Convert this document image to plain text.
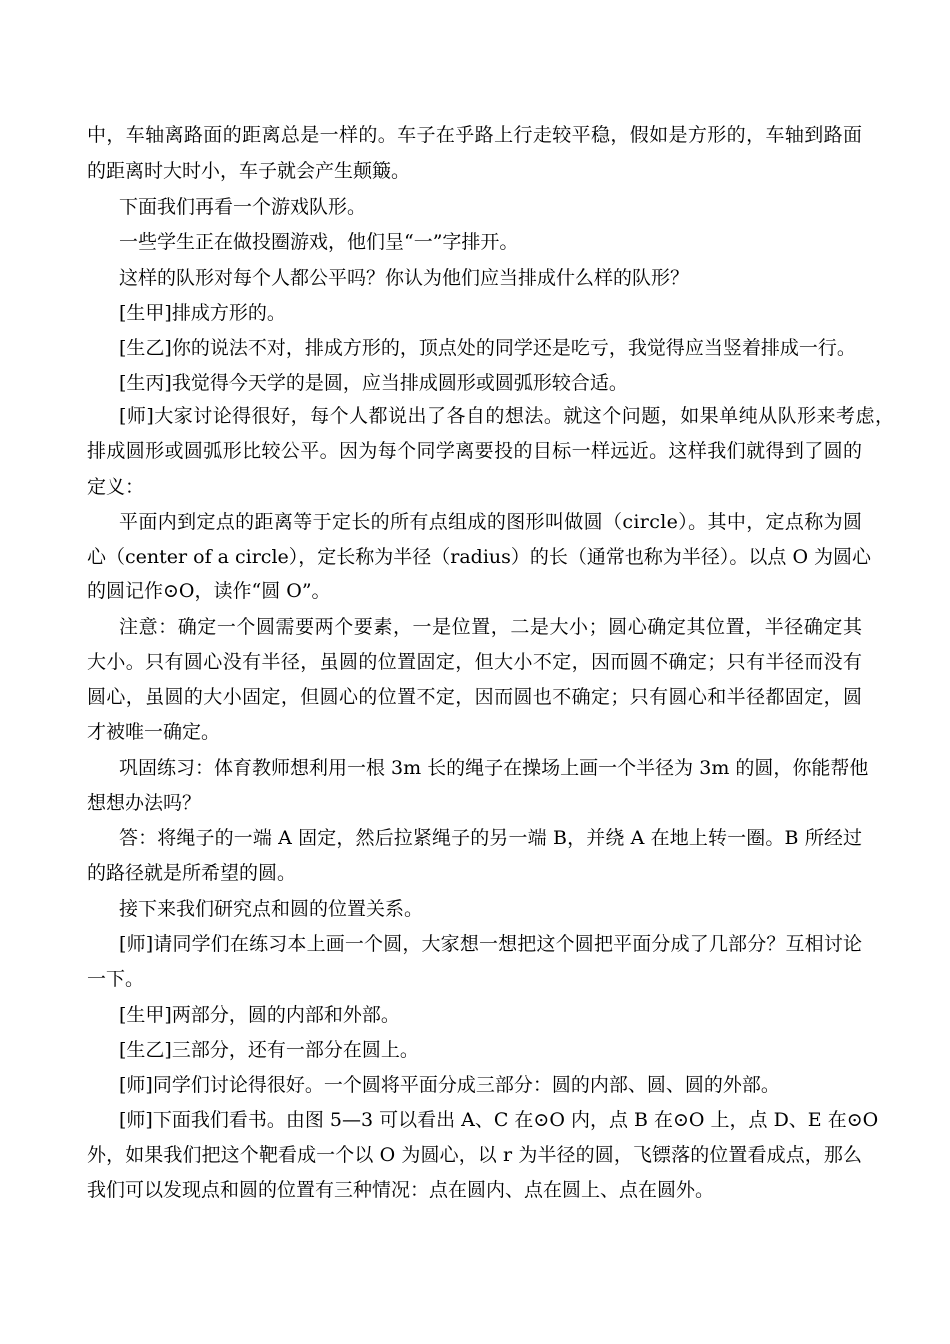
中，车轴离路面的距离总是一样的。车子在乎路上行走较平稳，假如是方形的，车轴到路面
的距离时大时小，车子就会产生颠簸。
下面我们再看一个游戏队形。
一些学生正在做投圈游戏，他们呈“一”字排开。
这样的队形对每个人都公平吗？你认为他们应当排成什么样的队形？
[生甲]排成方形的。
[生乙]你的说法不对，排成方形的，顶点处的同学还是吃亏，我觉得应当竖着排成一行。
[生丙]我觉得今天学的是圆，应当排成圆形或圆弧形较合适。
[师]大家讨论得很好，每个人都说出了各自的想法。就这个问题，如果单纯从队形来考虑，
排成圆形或圆弧形比较公平。因为每个同学离要投的目标一样远近。这样我们就得到了圆的
定义：
平面内到定点的距离等于定长的所有点组成的图形叫做圆（circle）。其中，定点称为圆
心（center of a circle），定长称为半径（radius）的长（通常也称为半径）。以点 O 为圆心
的圆记作⊙O，读作“圆 O”。
注意：确定一个圆需要两个要素，一是位置，二是大小；圆心确定其位置，半径确定其
大小。只有圆心没有半径，虽圆的位置固定，但大小不定，因而圆不确定；只有半径而没有
圆心，虽圆的大小固定，但圆心的位置不定，因而圆也不确定；只有圆心和半径都固定，圆
才被唯一确定。
巩固练习：体育教师想利用一根 3m 长的绳子在操场上画一个半径为 3m 的圆，你能帮他
想想办法吗？
答：将绳子的一端 A 固定，然后拉紧绳子的另一端 B，并绕 A 在地上转一圈。B 所经过
的路径就是所希望的圆。
接下来我们研究点和圆的位置关系。
[师]请同学们在练习本上画一个圆，大家想一想把这个圆把平面分成了几部分？互相讨论
一下。
[生甲]两部分，圆的内部和外部。
[生乙]三部分，还有一部分在圆上。
[师]同学们讨论得很好。一个圆将平面分成三部分：圆的内部、圆、圆的外部。
[师]下面我们看书。由图 5—3 可以看出 A、C 在⊙O 内，点 B 在⊙O 上，点 D、E 在⊙O
外，如果我们把这个靶看成一个以 O 为圆心，以 r 为半径的圆，飞镖落的位置看成点，那么
我们可以发现点和圆的位置有三种情况：点在圆内、点在圆上、点在圆外。
